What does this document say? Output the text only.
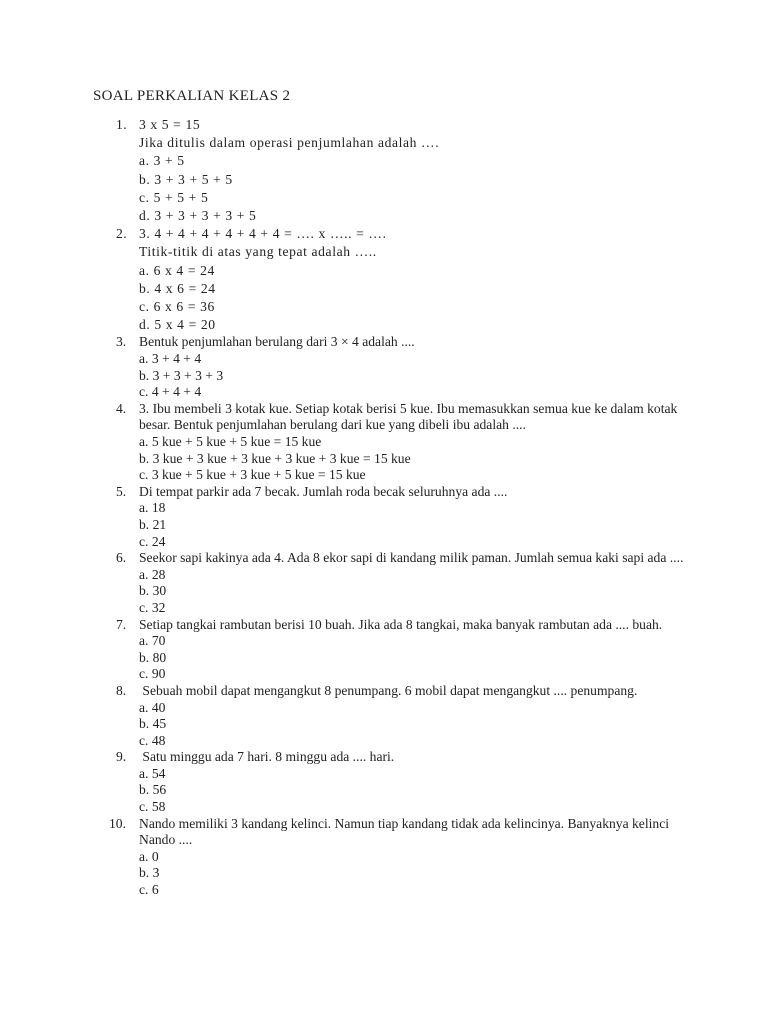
SOAL PERKALIAN KELAS 2
1. 3 x 5 = 15
Jika ditulis dalam operasi penjumlahan adalah ….
a. 3 + 5
b. 3 + 3 + 5 + 5
c. 5 + 5 + 5
d. 3 + 3 + 3 + 3 + 5
2. 3. 4 + 4 + 4 + 4 + 4 + 4 = …. x ….. = ….
Titik-titik di atas yang tepat adalah …..
a. 6 x 4 = 24
b. 4 x 6 = 24
c. 6 x 6 = 36
d. 5 x 4 = 20
3. Bentuk penjumlahan berulang dari 3 × 4 adalah ....
a. 3 + 4 + 4
b. 3 + 3 + 3 + 3
c. 4 + 4 + 4
4. 3. Ibu membeli 3 kotak kue. Setiap kotak berisi 5 kue. Ibu memasukkan semua kue ke dalam kotak besar. Bentuk penjumlahan berulang dari kue yang dibeli ibu adalah ....
a. 5 kue + 5 kue + 5 kue = 15 kue
b. 3 kue + 3 kue + 3 kue + 3 kue + 3 kue = 15 kue
c. 3 kue + 5 kue + 3 kue + 5 kue = 15 kue
5. Di tempat parkir ada 7 becak. Jumlah roda becak seluruhnya ada ....
a. 18
b. 21
c. 24
6. Seekor sapi kakinya ada 4. Ada 8 ekor sapi di kandang milik paman. Jumlah semua kaki sapi ada ....
a. 28
b. 30
c. 32
7. Setiap tangkai rambutan berisi 10 buah. Jika ada 8 tangkai, maka banyak rambutan ada .... buah.
a. 70
b. 80
c. 90
8. Sebuah mobil dapat mengangkut 8 penumpang. 6 mobil dapat mengangkut .... penumpang.
a. 40
b. 45
c. 48
9. Satu minggu ada 7 hari. 8 minggu ada .... hari.
a. 54
b. 56
c. 58
10. Nando memiliki 3 kandang kelinci. Namun tiap kandang tidak ada kelincinya. Banyaknya kelinci Nando ....
a. 0
b. 3
c. 6
